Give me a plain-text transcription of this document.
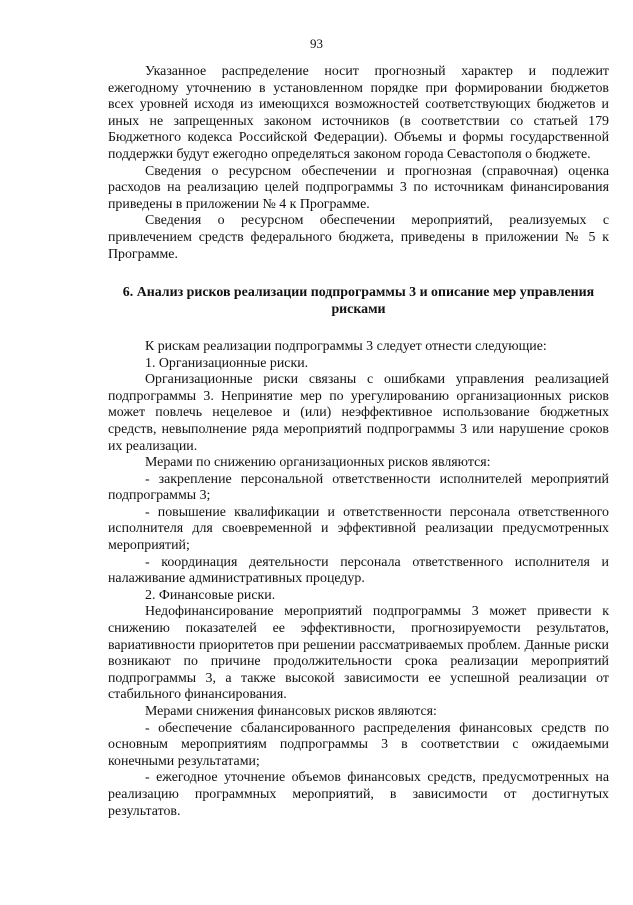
93

Указанное распределение носит прогнозный характер и подлежит ежегодному уточнению в установленном порядке при формировании бюджетов всех уровней исходя из имеющихся возможностей соответствующих бюджетов и иных не запрещенных законом источников (в соответствии со статьей 179 Бюджетного кодекса Российской Федерации). Объемы и формы государственной поддержки будут ежегодно определяться законом города Севастополя о бюджете.

Сведения о ресурсном обеспечении и прогнозная (справочная) оценка расходов на реализацию целей подпрограммы 3 по источникам финансирования приведены в приложении № 4 к Программе.

Сведения о ресурсном обеспечении мероприятий, реализуемых с привлечением средств федерального бюджета, приведены в приложении № 5 к Программе.

6. Анализ рисков реализации подпрограммы 3 и описание мер управления рисками

К рискам реализации подпрограммы 3 следует отнести следующие:

1. Организационные риски.

Организационные риски связаны с ошибками управления реализацией подпрограммы 3. Непринятие мер по урегулированию организационных рисков может повлечь нецелевое и (или) неэффективное использование бюджетных средств, невыполнение ряда мероприятий подпрограммы 3 или нарушение сроков их реализации.

Мерами по снижению организационных рисков являются:

- закрепление персональной ответственности исполнителей мероприятий подпрограммы 3;

- повышение квалификации и ответственности персонала ответственного исполнителя для своевременной и эффективной реализации предусмотренных мероприятий;

- координация деятельности персонала ответственного исполнителя и налаживание административных процедур.

2. Финансовые риски.

Недофинансирование мероприятий подпрограммы 3 может привести к снижению показателей ее эффективности, прогнозируемости результатов, вариативности приоритетов при решении рассматриваемых проблем. Данные риски возникают по причине продолжительности срока реализации мероприятий подпрограммы 3, а также высокой зависимости ее успешной реализации от стабильного финансирования.

Мерами снижения финансовых рисков являются:

- обеспечение сбалансированного распределения финансовых средств по основным мероприятиям подпрограммы 3 в соответствии с ожидаемыми конечными результатами;

- ежегодное уточнение объемов финансовых средств, предусмотренных на реализацию программных мероприятий, в зависимости от достигнутых результатов.
